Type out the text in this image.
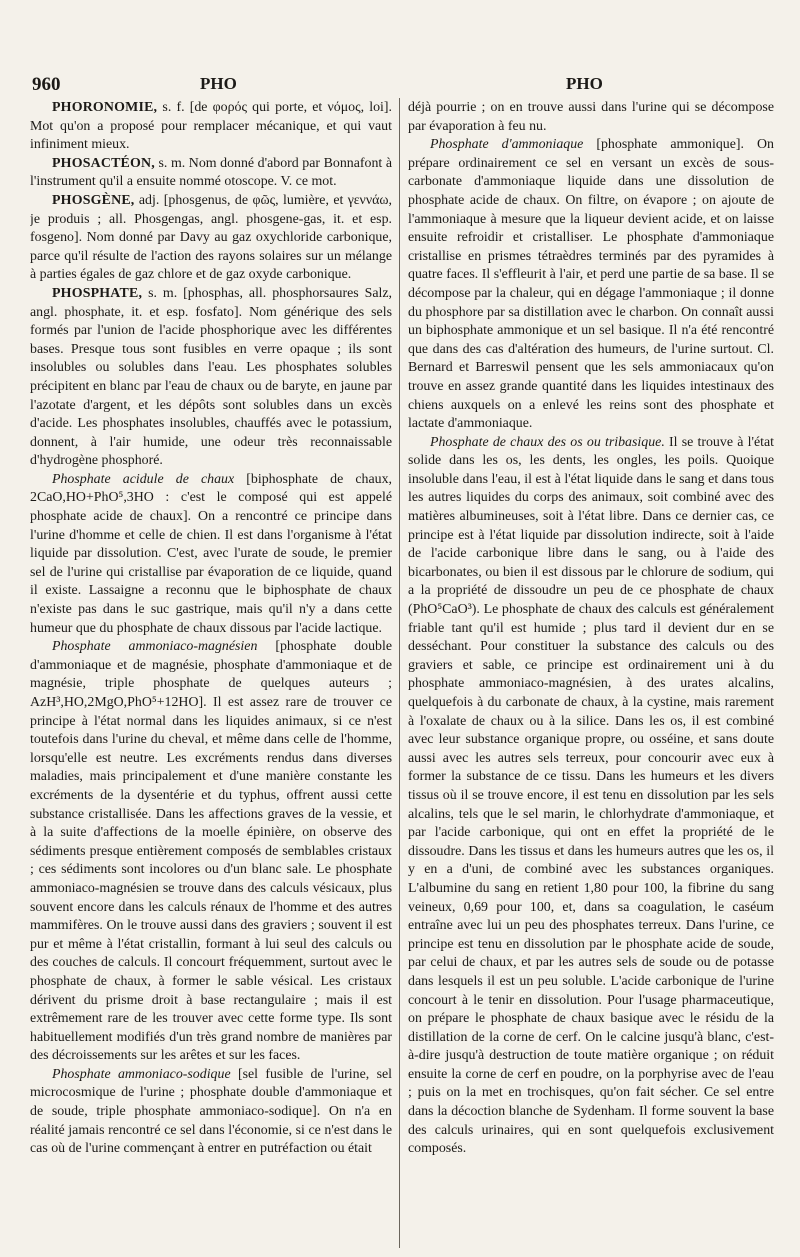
960	PHO	PHO

PHORONOMIE, s. f. [de φορός qui porte, et νόμος, loi]. Mot qu'on a proposé pour remplacer mécanique, et qui vaut infiniment mieux.

PHOSACTÉON, s. m. Nom donné d'abord par Bonnafont à l'instrument qu'il a ensuite nommé otoscope. V. ce mot.

PHOSGÈNE, adj. [phosgenus, de φῶς, lumière, et γεννάω, je produis ; all. Phosgengas, angl. phosgene-gas, it. et esp. fosgeno]. Nom donné par Davy au gaz oxychloride carbonique, parce qu'il résulte de l'action des rayons solaires sur un mélange à parties égales de gaz chlore et de gaz oxyde carbonique.

PHOSPHATE, s. m. [phosphas, all. phosphorsaures Salz, angl. phosphate, it. et esp. fosfato]. Nom générique des sels formés par l'union de l'acide phosphorique avec les différentes bases. Presque tous sont fusibles en verre opaque ; ils sont insolubles ou solubles dans l'eau. Les phosphates solubles précipitent en blanc par l'eau de chaux ou de baryte, en jaune par l'azotate d'argent, et les dépôts sont solubles dans un excès d'acide. Les phosphates insolubles, chauffés avec le potassium, donnent, à l'air humide, une odeur très reconnaissable d'hydrogène phosphoré.

Phosphate acidule de chaux [biphosphate de chaux, 2CaO,HO+PhO⁵,3HO : c'est le composé qui est appelé phosphate acide de chaux]. On a rencontré ce principe dans l'urine d'homme et celle de chien. Il est dans l'organisme à l'état liquide par dissolution. C'est, avec l'urate de soude, le premier sel de l'urine qui cristallise par évaporation de ce liquide, quand il existe. Lassaigne a reconnu que le biphosphate de chaux n'existe pas dans le suc gastrique, mais qu'il n'y a dans cette humeur que du phosphate de chaux dissous par l'acide lactique.

Phosphate ammoniaco-magnésien [phosphate double d'ammoniaque et de magnésie, phosphate d'ammoniaque et de magnésie, triple phosphate de quelques auteurs ; AzH³,HO,2MgO,PhO⁵+12HO]. Il est assez rare de trouver ce principe à l'état normal dans les liquides animaux, si ce n'est toutefois dans l'urine du cheval, et même dans celle de l'homme, lorsqu'elle est neutre. Les excréments rendus dans diverses maladies, mais principalement et d'une manière constante les excréments de la dysentérie et du typhus, offrent aussi cette substance cristallisée. Dans les affections graves de la vessie, et à la suite d'affections de la moelle épinière, on observe des sédiments presque entièrement composés de semblables cristaux ; ces sédiments sont incolores ou d'un blanc sale. Le phosphate ammoniaco-magnésien se trouve dans des calculs vésicaux, plus souvent encore dans les calculs rénaux de l'homme et des autres mammifères. On le trouve aussi dans des graviers ; souvent il est pur et même à l'état cristallin, formant à lui seul des calculs ou des couches de calculs. Il concourt fréquemment, surtout avec le phosphate de chaux, à former le sable vésical. Les cristaux dérivent du prisme droit à base rectangulaire ; mais il est extrêmement rare de les trouver avec cette forme type. Ils sont habituellement modifiés d'un très grand nombre de manières par des décroissements sur les arêtes et sur les faces.

Phosphate ammoniaco-sodique [sel fusible de l'urine, sel microcosmique de l'urine ; phosphate double d'ammoniaque et de soude, triple phosphate ammoniaco-sodique]. On n'a en réalité jamais rencontré ce sel dans l'économie, si ce n'est dans le cas où de l'urine commençant à entrer en putréfaction ou était

déjà pourrie ; on en trouve aussi dans l'urine qui se décompose par évaporation à feu nu.

Phosphate d'ammoniaque [phosphate ammonique]. On prépare ordinairement ce sel en versant un excès de sous-carbonate d'ammoniaque liquide dans une dissolution de phosphate acide de chaux. On filtre, on évapore ; on ajoute de l'ammoniaque à mesure que la liqueur devient acide, et on laisse ensuite refroidir et cristalliser. Le phosphate d'ammoniaque cristallise en prismes tétraèdres terminés par des pyramides à quatre faces. Il s'effleurit à l'air, et perd une partie de sa base. Il se décompose par la chaleur, qui en dégage l'ammoniaque ; il donne du phosphore par sa distillation avec le charbon. On connaît aussi un biphosphate ammonique et un sel basique. Il n'a été rencontré que dans des cas d'altération des humeurs, de l'urine surtout. Cl. Bernard et Barreswil pensent que les sels ammoniacaux qu'on trouve en assez grande quantité dans les liquides intestinaux des chiens auxquels on a enlevé les reins sont des phosphate et lactate d'ammoniaque.

Phosphate de chaux des os ou tribasique. Il se trouve à l'état solide dans les os, les dents, les ongles, les poils. Quoique insoluble dans l'eau, il est à l'état liquide dans le sang et dans tous les autres liquides du corps des animaux, soit combiné avec des matières albumineuses, soit à l'état libre. Dans ce dernier cas, ce principe est à l'état liquide par dissolution indirecte, soit à l'aide de l'acide carbonique libre dans le sang, ou à l'aide des bicarbonates, ou bien il est dissous par le chlorure de sodium, qui a la propriété de dissoudre un peu de ce phosphate de chaux (PhO⁵CaO³). Le phosphate de chaux des calculs est généralement friable tant qu'il est humide ; plus tard il devient dur en se desséchant. Pour constituer la substance des calculs ou des graviers et sable, ce principe est ordinairement uni à du phosphate ammoniaco-magnésien, à des urates alcalins, quelquefois à du carbonate de chaux, à la cystine, mais rarement à l'oxalate de chaux ou à la silice. Dans les os, il est combiné avec leur substance organique propre, ou osséine, et sans doute aussi avec les autres sels terreux, pour concourir avec eux à former la substance de ce tissu. Dans les humeurs et les divers tissus où il se trouve encore, il est tenu en dissolution par les sels alcalins, tels que le sel marin, le chlorhydrate d'ammoniaque, et par l'acide carbonique, qui ont en effet la propriété de le dissoudre. Dans les tissus et dans les humeurs autres que les os, il y en a d'uni, de combiné avec les substances organiques. L'albumine du sang en retient 1,80 pour 100, la fibrine du sang veineux, 0,69 pour 100, et, dans sa coagulation, le caséum entraîne avec lui un peu des phosphates terreux. Dans l'urine, ce principe est tenu en dissolution par le phosphate acide de soude, par celui de chaux, et par les autres sels de soude ou de potasse dans lesquels il est un peu soluble. L'acide carbonique de l'urine concourt à le tenir en dissolution. Pour l'usage pharmaceutique, on prépare le phosphate de chaux basique avec le résidu de la distillation de la corne de cerf. On le calcine jusqu'à blanc, c'est-à-dire jusqu'à destruction de toute matière organique ; on réduit ensuite la corne de cerf en poudre, on la porphyrise avec de l'eau ; puis on la met en trochisques, qu'on fait sécher. Ce sel entre dans la décoction blanche de Sydenham. Il forme souvent la base des calculs urinaires, qui en sont quelquefois exclusivement composés.
